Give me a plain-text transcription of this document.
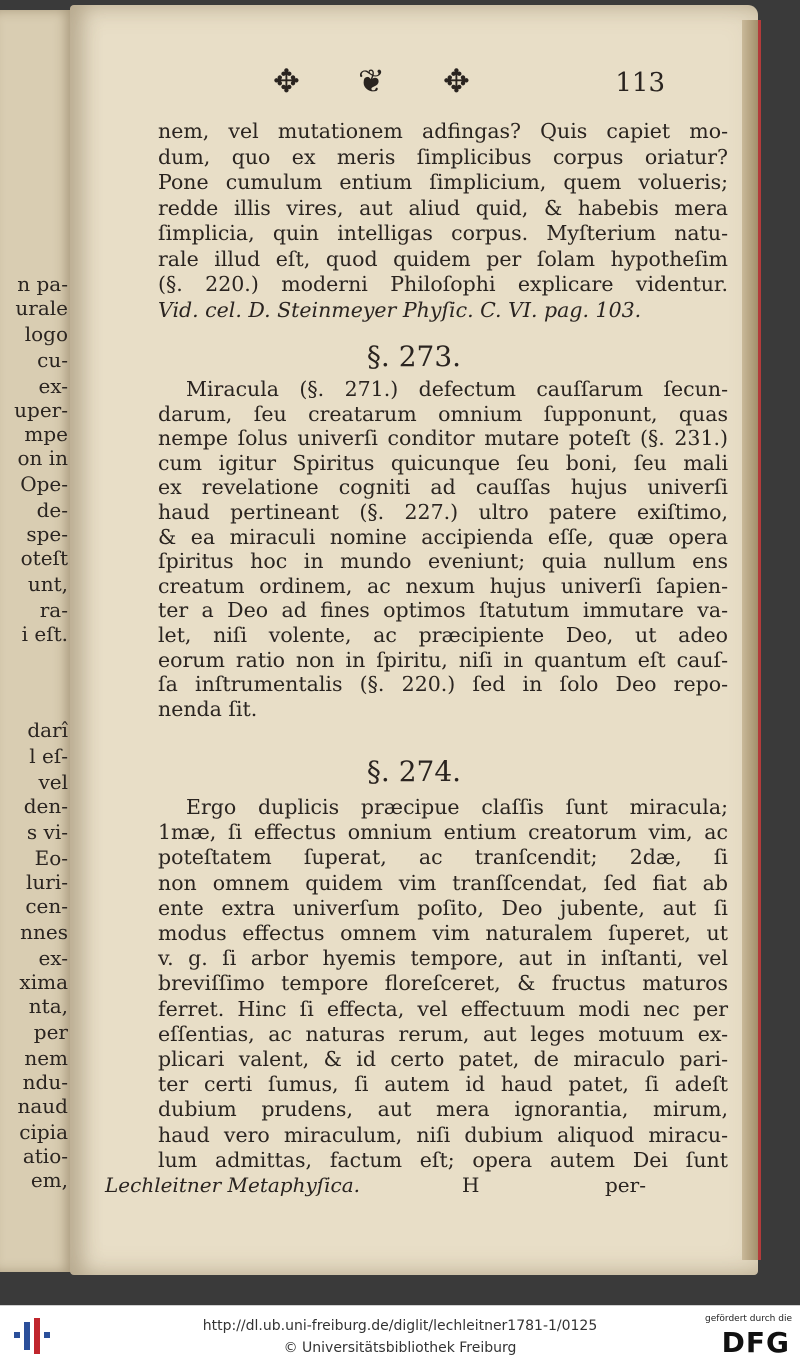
n pa-

urale

logo

cu-

ex-

uper-

mpe

on in

Ope-

de-

spe-

oteſt

unt,

ra-

i eſt.

darî

l eſ-

vel

den-

s vi-

Eo-

luri-

cen-

nnes

ex-

xima

nta,

per

nem

ndu-

naud

cipia

atio-

em,

✥ ❦ ✥	113

nem, vel mutationem adfingas? Quis capiet mo-

dum, quo ex meris ſimplicibus corpus oriatur?

Pone cumulum entium ſimplicium, quem volueris;

redde illis vires, aut aliud quid, & habebis mera

ſimplicia, quin intelligas corpus. Myſterium natu-

rale illud eſt, quod quidem per ſolam hypotheſim

(§. 220.) moderni Philoſophi explicare videntur.

Vid. cel. D. Steinmeyer Phyſic. C. VI. pag. 103.

§. 273.

Miracula (§. 271.) defectum cauſſarum ſecun-

darum, ſeu creatarum omnium ſupponunt, quas

nempe ſolus univerſi conditor mutare poteſt (§. 231.)

cum igitur Spiritus quicunque ſeu boni, ſeu mali

ex revelatione cogniti ad cauſſas hujus univerſi

haud pertineant (§. 227.) ultro patere exiſtimo,

& ea miraculi nomine accipienda eſſe, quæ opera

ſpiritus hoc in mundo eveniunt; quia nullum ens

creatum ordinem, ac nexum hujus univerſi ſapien-

ter a Deo ad fines optimos ſtatutum immutare va-

let, niſi volente, ac præcipiente Deo, ut adeo

eorum ratio non in ſpiritu, niſi in quantum eſt cauſ-

ſa inſtrumentalis (§. 220.) ſed in ſolo Deo repo-

nenda ſit.

§. 274.

Ergo duplicis præcipue claſſis ſunt miracula;

1mæ, ſi effectus omnium entium creatorum vim, ac

poteſtatem ſuperat, ac tranſcendit; 2dæ, ſi

non omnem quidem vim tranſſcendat, ſed fiat ab

ente extra univerſum poſito, Deo jubente, aut ſi

modus effectus omnem vim naturalem ſuperet, ut

v. g. ſi arbor hyemis tempore, aut in inſtanti, vel

breviſſimo tempore floreſceret, & fructus maturos

ferret. Hinc ſi effecta, vel effectuum modi nec per

eſſentias, ac naturas rerum, aut leges motuum ex-

plicari valent, & id certo patet, de miraculo pari-

ter certi ſumus, ſi autem id haud patet, ſi adeſt

dubium prudens, aut mera ignorantia, mirum,

haud vero miraculum, niſi dubium aliquod miracu-

lum admittas, factum eſt; opera autem Dei ſunt

Lechleitner Metaphyſica.	H	per-
http://dl.ub.uni-freiburg.de/diglit/lechleitner1781-1/0125
© Universitätsbibliothek Freiburg
gefördert durch die
DFG
